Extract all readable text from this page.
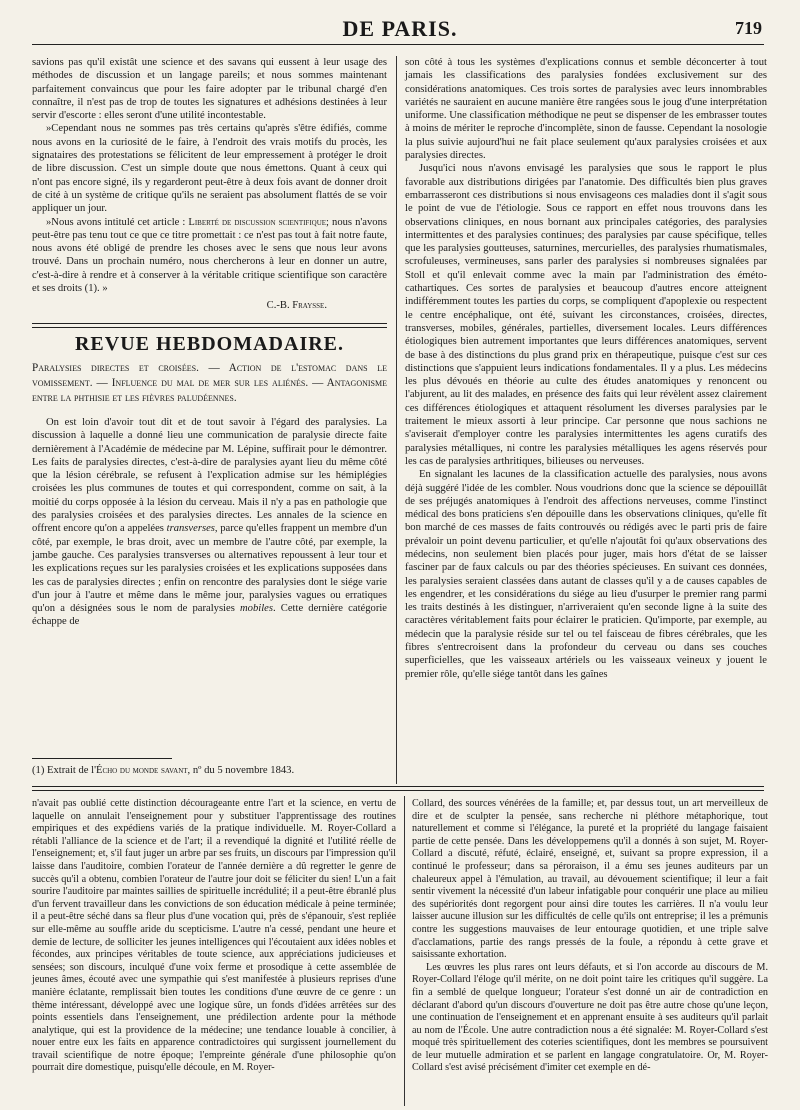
DE PARIS.	719

savions pas qu'il existât une science et des savans qui eussent à leur usage des méthodes de discussion et un langage pareils; et nous sommes maintenant parfaitement convaincus que pour les faire adopter par le tribunal chargé d'en connaître, il n'est pas de trop de toutes les signatures et adhésions destinées à leur servir d'escorte : elles seront d'une utilité incontestable.

»Cependant nous ne sommes pas très certains qu'après s'être édifiés, comme nous avons en la curiosité de le faire, à l'endroit des vrais motifs du procès, les signataires des protestations se félicitent de leur empressement à protéger le droit de libre discussion. C'est un simple doute que nous émettons. Quant à ceux qui n'ont pas encore signé, ils y regarderont peut-être à deux fois avant de donner droit de cité à un système de critique qu'ils ne seraient pas absolument flattés de se voir appliquer un jour.

»Nous avons intitulé cet article : Liberté de discussion scientifique; nous n'avons peut-être pas tenu tout ce que ce titre promettait : ce n'est pas tout à fait notre faute, nous avons été obligé de prendre les choses avec le sens que nous leur avons trouvé. Dans un prochain numéro, nous chercherons à leur en donner un autre, c'est-à-dire à rendre et à conserver à la véritable critique scientifique son caractère et ses droits (1). »

C.-B. Fraysse.
REVUE HEBDOMADAIRE.
Paralysies directes et croisées. — Action de l'estomac dans le vomissement. — Influence du mal de mer sur les aliénés. — Antagonisme entre la phthisie et les fièvres paludéennes.

On est loin d'avoir tout dit et de tout savoir à l'égard des paralysies. La discussion à laquelle a donné lieu une communication de paralysie directe faite dernièrement à l'Académie de médecine par M. Lépine, suffirait pour le démontrer. Les faits de paralysies directes, c'est-à-dire de paralysies ayant lieu du même côté que la lésion cérébrale, se refusent à l'explication admise sur les hémiplégies croisées les plus communes de toutes et qui correspondent, comme on sait, à la moitié du corps opposée à la lésion du cerveau. Mais il n'y a pas en pathologie que des paralysies croisées et des paralysies directes. Les annales de la science en offrent encore qu'on a appelées transverses, parce qu'elles frappent un membre d'un côté, par exemple, le bras droit, avec un membre de l'autre côté, par exemple, la jambe gauche. Ces paralysies transverses ou alternatives repoussent à leur tour et les explications reçues sur les paralysies croisées et les explications supposées dans les cas de paralysies directes ; enfin on rencontre des paralysies dont le siége varie d'un jour à l'autre et même dans le même jour, paralysies vagues ou erratiques qu'on a désignées sous le nom de paralysies mobiles. Cette dernière catégorie échappe de

son côté à tous les systèmes d'explications connus et semble déconcerter à tout jamais les classifications des paralysies fondées exclusivement sur des considérations anatomiques. Ces trois sortes de paralysies avec leurs innombrables variétés ne sauraient en aucune manière être rangées sous le joug d'une interprétation uniforme. Une classification méthodique ne peut se dispenser de les embrasser toutes à moins de mériter le reproche d'incomplète, sinon de fausse. Cependant la nosologie la plus suivie aujourd'hui ne fait place seulement qu'aux paralysies croisées et aux paralysies directes.

Jusqu'ici nous n'avons envisagé les paralysies que sous le rapport le plus favorable aux distributions dirigées par l'anatomie. Des difficultés bien plus graves embarrasseront ces distributions si nous envisageons ces maladies dont il s'agit sous le point de vue de l'étiologie. Sous ce rapport en effet nous trouvons dans les observations cliniques, en nous bornant aux principales catégories, des paralysies intermittentes et des paralysies continues; des paralysies par cause spécifique, telles que les paralysies goutteuses, saturnines, mercurielles, des paralysies rhumatismales, scrofuleuses, vermineuses, sans parler des paralysies si nombreuses signalées par Stoll et qu'il enlevait comme avec la main par l'administration des éméto-cathartiques. Ces sortes de paralysies et beaucoup d'autres encore atteignent indifféremment toutes les parties du corps, se compliquent d'apoplexie ou respectent le centre encéphalique, ont été, suivant les circonstances, croisées, directes, transverses, mobiles, générales, partielles, diversement locales. Leurs différences étiologiques bien autrement importantes que leurs différences anatomiques, servent de base à des distinctions du plus grand prix en thérapeutique, puisque c'est sur ces distinctions que s'appuient leurs indications fondamentales. Il y a plus. Les médecins les plus dévoués en théorie au culte des études anatomiques y renoncent ou l'abjurent, au lit des malades, en présence des faits qui leur révèlent assez clairement ces différences étiologiques et attaquent résolument les diverses paralysies par le traitement le mieux assorti à leur principe. Car personne que nous sachions ne s'aviserait d'employer contre les paralysies intermittentes les agens curatifs des paralysies métalliques, ni contre les paralysies métalliques les agens réservés pour les cas de paralysies arthritiques, bilieuses ou nerveuses.

En signalant les lacunes de la classification actuelle des paralysies, nous avons déjà suggéré l'idée de les combler. Nous voudrions donc que la science se dépouillât de ses préjugés anatomiques à l'endroit des affections nerveuses, comme l'instinct médical des bons praticiens s'en dépouille dans les observations cliniques, qu'elle fît bon marché de ces masses de faits controuvés ou rédigés avec le parti pris de faire prévaloir un point devenu particulier, et qu'elle n'ajoutât foi qu'aux observations des médecins, non seulement bien placés pour juger, mais hors d'état de se laisser fasciner par de faux calculs ou par des théories spécieuses. En suivant ces données, les paralysies seraient classées dans autant de classes qu'il y a de causes capables de les engendrer, et les considérations du siége au lieu d'usurper le premier rang parmi les traits destinés à les distinguer, n'arriveraient qu'en seconde ligne à la suite des caractères véritablement faits pour éclairer le praticien. Qu'importe, par exemple, au médecin que la paralysie réside sur tel ou tel faisceau de fibres cérébrales, que les fibres s'entrecroisent dans la profondeur du cerveau ou dans ses couches superficielles, que les vaisseaux artériels ou les vaisseaux veineux y jouent le premier rôle, qu'elle siége tantôt dans les gaînes

(1) Extrait de l'Écho du monde savant, nº du 5 novembre 1843.

n'avait pas oublié cette distinction décourageante entre l'art et la science, en vertu de laquelle on annulait l'enseignement pour y substituer l'apprentissage des routines empiriques et des expédiens variés de la pratique individuelle. M. Royer-Collard a rétabli l'alliance de la science et de l'art; il a revendiqué la dignité et l'utilité réelle de l'enseignement; et, s'il faut juger un arbre par ses fruits, un discours par l'impression qu'il laisse dans l'auditoire, combien l'orateur de l'année dernière a dû regretter le genre de succès qu'il a obtenu, combien l'orateur de l'autre jour doit se féliciter du sien! L'un a fait sourire l'auditoire par maintes saillies de spirituelle incrédulité; il a peut-être ébranlé plus d'un fervent travailleur dans les convictions de son éducation médicale à peine terminée; il a peut-être séché dans sa fleur plus d'une vocation qui, près de s'épanouir, s'est repliée sur elle-même au souffle aride du scepticisme. L'autre n'a cessé, pendant une heure et demie de lecture, de solliciter les jeunes intelligences qui l'écoutaient aux idées nobles et fécondes, aux principes véritables de toute science, aux appréciations judicieuses et sensées; son discours, inculqué d'une voix ferme et prosodique à cette assemblée de jeunes âmes, écouté avec une sympathie qui s'est manifestée à plusieurs reprises d'une manière éclatante, remplissait bien toutes les conditions d'une œuvre de ce genre : un thème intéressant, développé avec une logique sûre, un fonds d'idées arrêtées sur des points essentiels dans l'enseignement, une prédilection ardente pour la méthode analytique, qui est la providence de la médecine; une tendance louable à concilier, à nouer entre eux les faits en apparence contradictoires qui surgissent journellement du travail scientifique de notre époque; l'empreinte générale d'une philosophie qu'on pourrait dire domestique, puisqu'elle découle, en M. Royer-

Collard, des sources vénérées de la famille; et, par dessus tout, un art merveilleux de dire et de sculpter la pensée, sans recherche ni pléthore métaphorique, tout naturellement et comme si l'élégance, la pureté et la propriété du langage faisaient partie de cette pensée. Dans les développemens qu'il a donnés à son sujet, M. Royer-Collard a discuté, réfuté, éclairé, enseigné, et, suivant sa propre expression, il a continué le professeur; dans sa péroraison, il a ému ses jeunes auditeurs par un chaleureux appel à l'émulation, au travail, au dévouement scientifique; il leur a fait sentir vivement la nécessité d'un labeur infatigable pour conquérir une place au milieu des supériorités dont regorgent pour ainsi dire toutes les carrières. Il n'a voulu leur laisser aucune illusion sur les difficultés de celle qu'ils ont entreprise; il les a prémunis contre les suggestions mauvaises de leur entourage quotidien, et une triple salve d'acclamations, partie des rangs pressés de la foule, a répondu à cette grave et saisissante exhortation.

Les œuvres les plus rares ont leurs défauts, et si l'on accorde au discours de M. Royer-Collard l'éloge qu'il mérite, on ne doit point taire les critiques qu'il suggère. La fin a semblé de quelque longueur; l'orateur s'est donné un air de contradiction en déclarant d'abord qu'un discours d'ouverture ne doit pas être autre chose qu'une leçon, une continuation de l'enseignement et en apprenant ensuite à ses auditeurs qu'il parlait au nom de l'École. Une autre contradiction nous a été signalée: M. Royer-Collard s'est moqué très spirituellement des coteries scientifiques, dont les membres se poursuivent de leur mutuelle admiration et se parlent en langage congratulatoire. Or, M. Royer-Collard s'est avisé précisément d'imiter cet exemple en dé-
